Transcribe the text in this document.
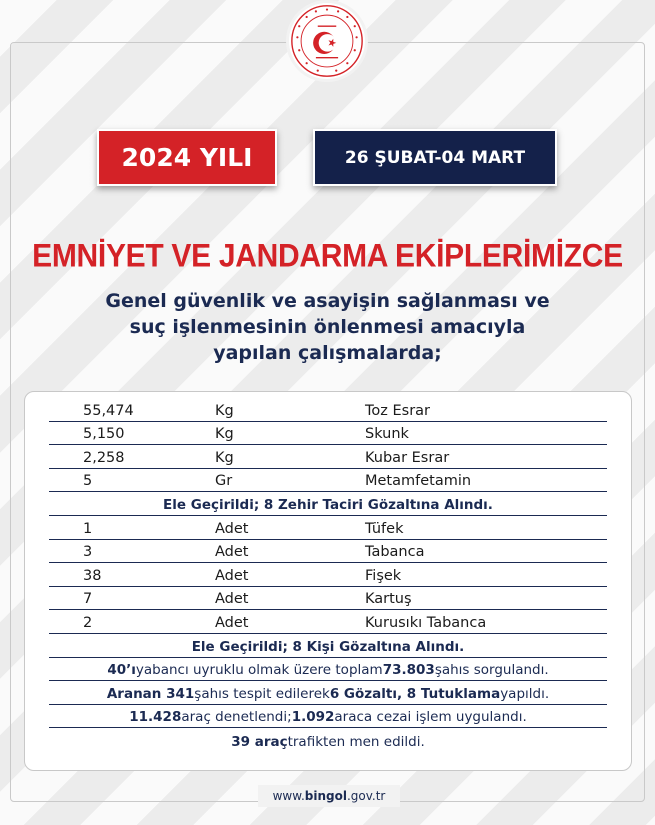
2024 YILI	26 ŞUBAT-04 MART
EMNİYET VE JANDARMA EKİPLERİMİZCE
Genel güvenlik ve asayişin sağlanması ve
suç işlenmesinin önlenmesi amacıyla
yapılan çalışmalarda;
55,474	Kg	Toz Esrar
5,150	Kg	Skunk
2,258	Kg	Kubar Esrar
5	Gr	Metamfetamin
Ele Geçirildi; 8 Zehir Taciri Gözaltına Alındı.
1	Adet	Tüfek
3	Adet	Tabanca
38	Adet	Fişek
7	Adet	Kartuş
2	Adet	Kurusıkı Tabanca
Ele Geçirildi; 8 Kişi Gözaltına Alındı.
40’ı yabancı uyruklu olmak üzere toplam 73.803 şahıs sorgulandı.
Aranan 341 şahıs tespit edilerek 6 Gözaltı, 8 Tutuklama yapıldı.
11.428 araç denetlendi; 1.092 araca cezai işlem uygulandı.
39 araç trafikten men edildi.
www.bingol.gov.tr
